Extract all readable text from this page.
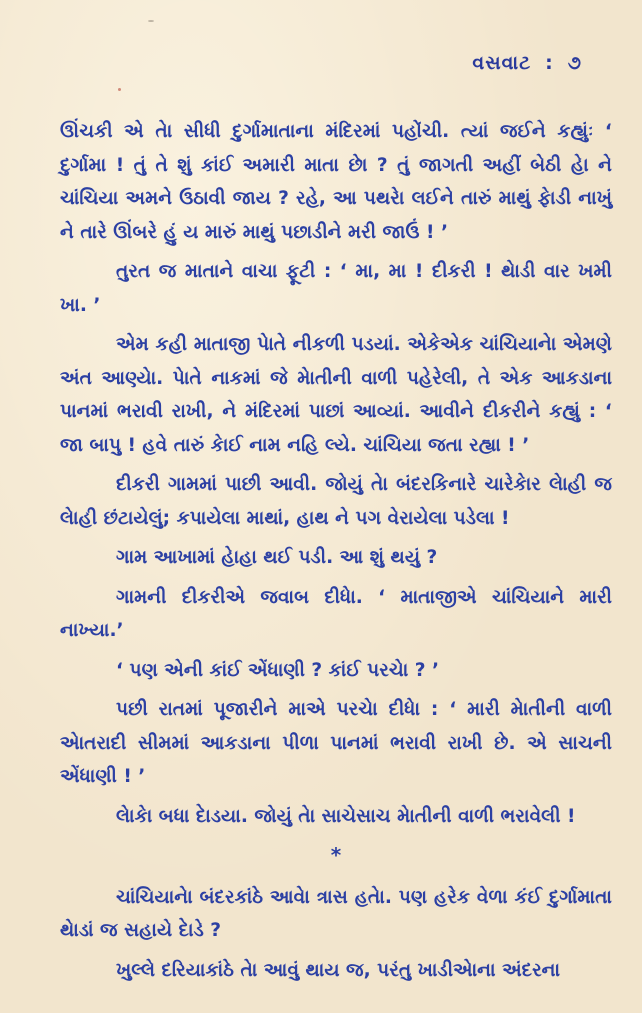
વસવાટ : ૭

ઊંચકી એ તેા સીધી દુર્ગામાતાના મંદિરમાં પહોંચી. ત્યાં જઈને કહ્યુંઃ ‘ દુર્ગામા ! તું તે શું કાંઈ અમારી માતા છેા ? તું જાગતી અહીં બેઠી હેા ને ચાંચિયા અમને ઉઠાવી જાય ? રહે, આ પથરેા લઈને તારું માથું ફેાડી નાખું ને તારે ઊંબરે હું ય મારું માથું પછાડીને મરી જાઉં ! ’

તુરત જ માતાને વાચા ફૂટી : ‘ મા, મા ! દીકરી ! થેાડી વાર ખમી ખા. ’

એમ કહી માતાજી પેાતે નીકળી પડયાં. એકેએક ચાંચિયાનેા એમણે અંત આણ્યેા. પેાતે નાકમાં જે મેાતીની વાળી પહેરેલી, તે એક આકડાના પાનમાં ભરાવી રાખી, ને મંદિરમાં પાછાં આવ્યાં. આવીને દીકરીને કહ્યું : ‘ જા બાપુ ! હવે તારું કેાઈ નામ નહિ લ્યે. ચાંચિયા જતા રહ્યા ! ’

દીકરી ગામમાં પાછી આવી. જોયું તેા બંદરકિનારે ચારેકેાર લેાહી જ લેાહી છંટાયેલું; કપાયેલા માથાં, હાથ ને પગ વેરાયેલા પડેલા !

ગામ આખામાં હેાહા થઈ પડી. આ શું થયું ?

ગામની દીકરીએ જવાબ દીધેા. ‘ માતાજીએ ચાંચિયાને મારી નાખ્યા.’

‘ પણ એની કાંઈ એંધાણી ? કાંઈ પરચેા ? ’

પછી રાતમાં પૂજારીને માએ પરચેા દીધેા : ‘ મારી મેાતીની વાળી એાતરાદી સીમમાં આકડાના પીળા પાનમાં ભરાવી રાખી છે. એ સાચની એંધાણી ! ’

લેાકેા બધા દેાડયા. જોયું તેા સાચેસાચ મેાતીની વાળી ભરાવેલી !

*

ચાંચિયાનેા બંદરકાંઠે આવેા ત્રાસ હતેા. પણ હરેક વેળા કંઈ દુર્ગામાતા થેાડાં જ સહાયે દેાડે ?

ખુલ્લે દરિયાકાંઠે તેા આવું થાય જ, પરંતુ ખાડીએાના અંદરના
